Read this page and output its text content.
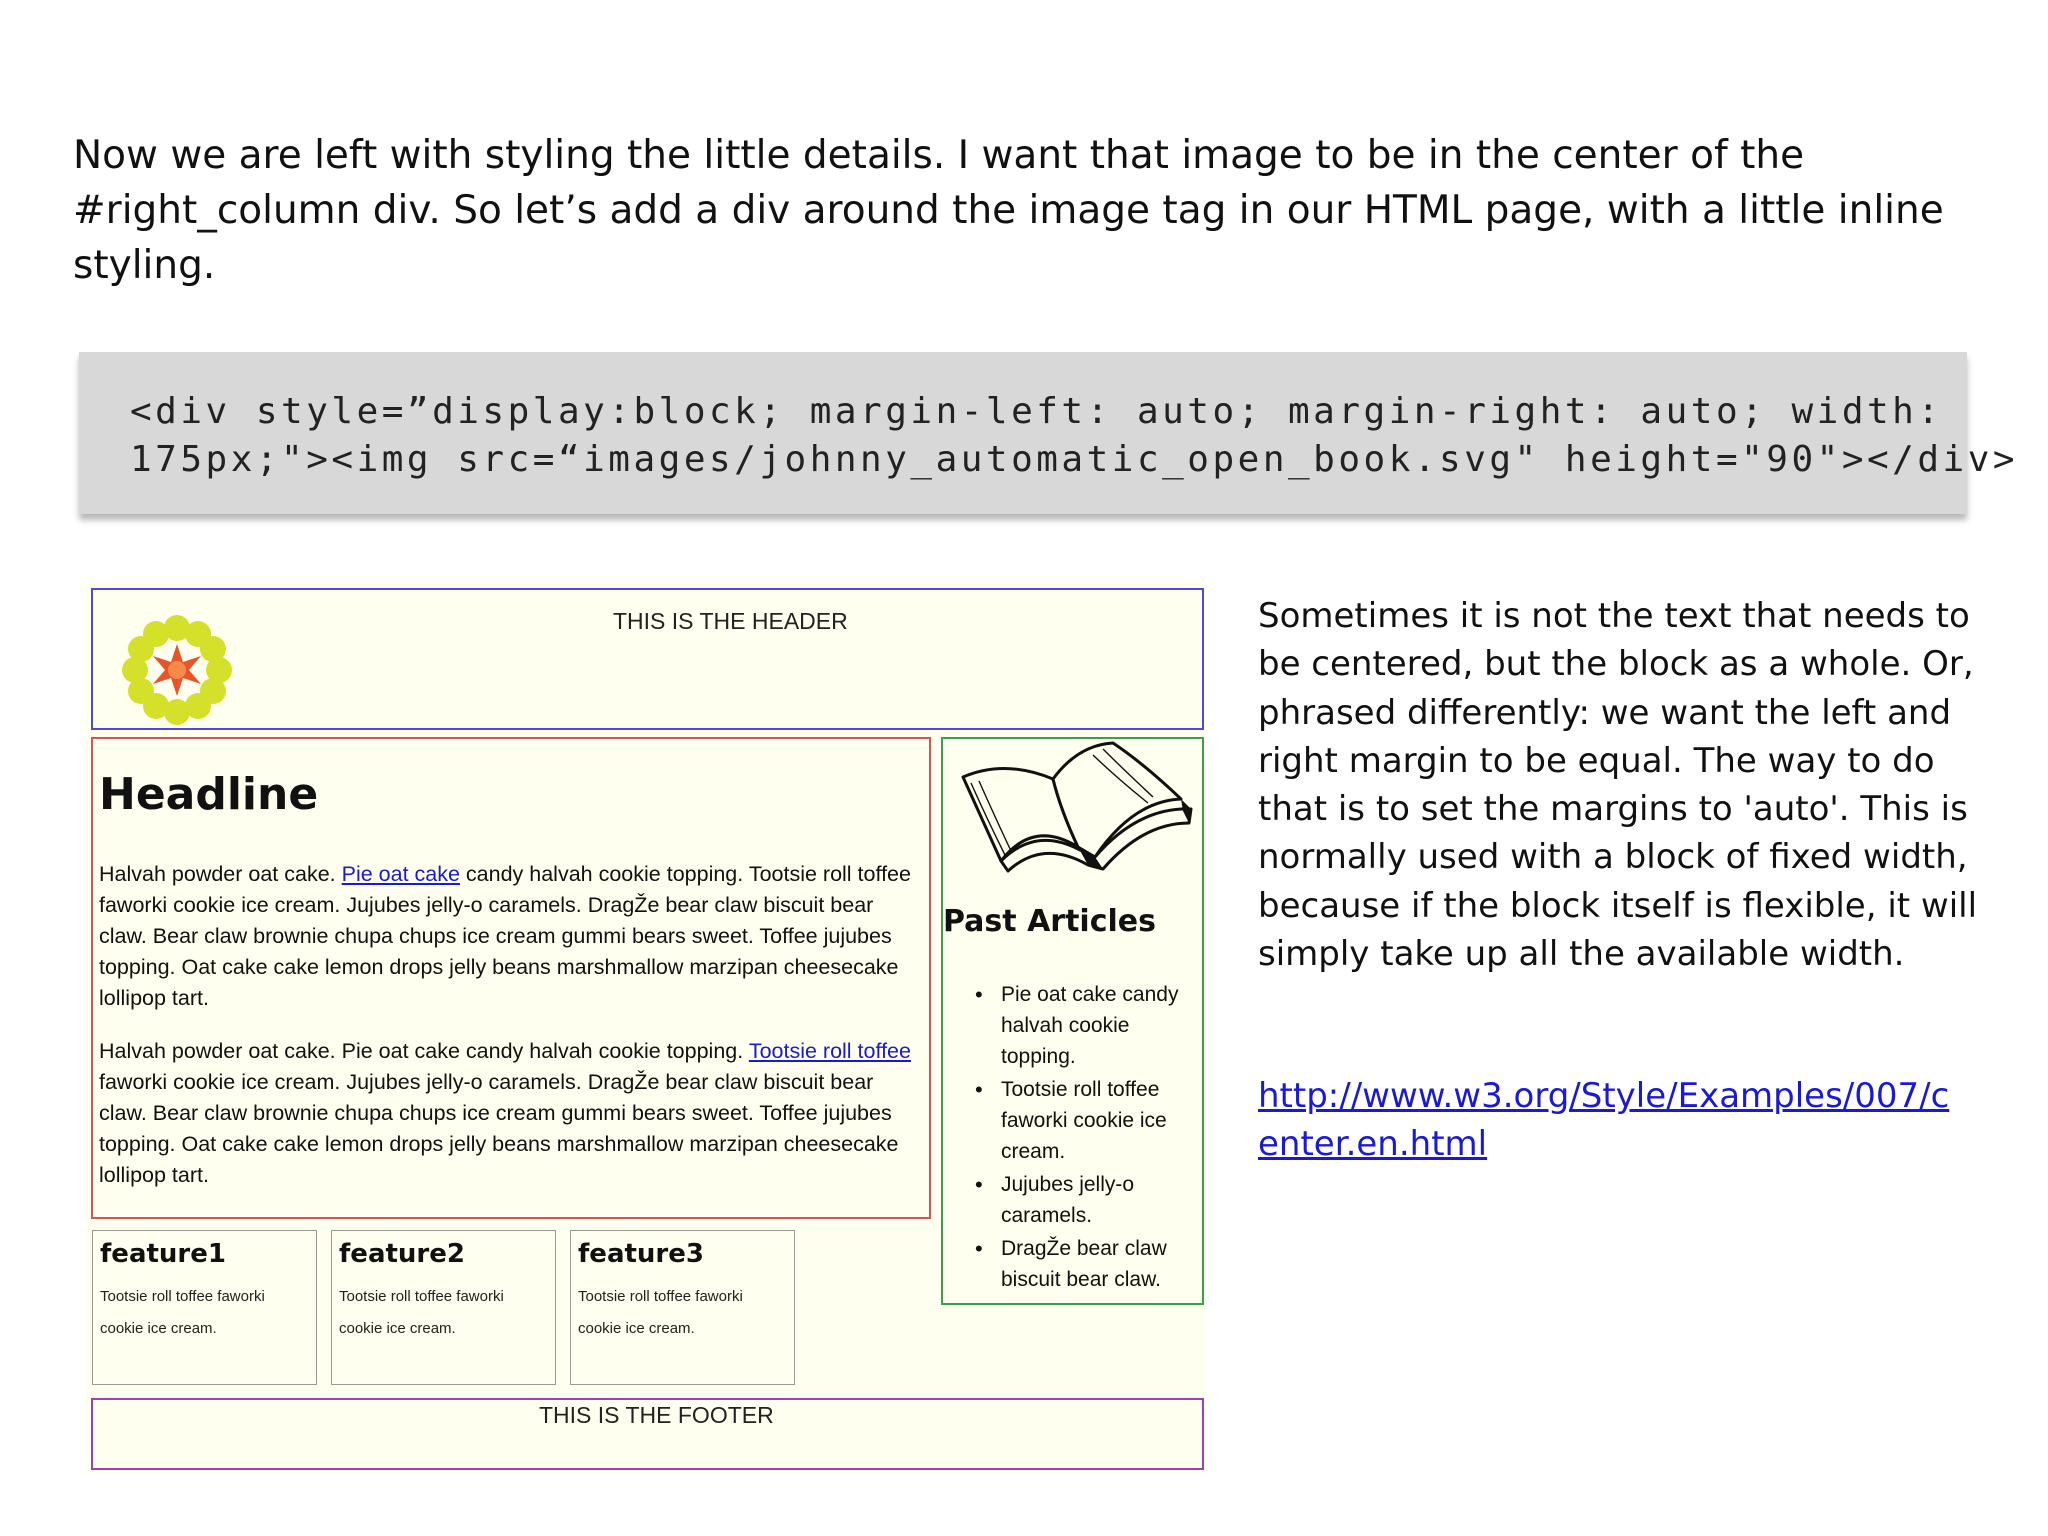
Now we are left with styling the little details. I want that image to be in the center of the #right_column div. So let’s add a div around the image tag in our HTML page, with a little inline styling.
<div style=”display:block; margin-left: auto; margin-right: auto; width:
175px;"><img src=“images/johnny_automatic_open_book.svg" height="90"></div>
THIS IS THE HEADER
Headline
Halvah powder oat cake. Pie oat cake candy halvah cookie topping. Tootsie roll toffee faworki cookie ice cream. Jujubes jelly-o caramels. DragŽe bear claw biscuit bear claw. Bear claw brownie chupa chups ice cream gummi bears sweet. Toffee jujubes topping. Oat cake cake lemon drops jelly beans marshmallow marzipan cheesecake lollipop tart.
Halvah powder oat cake. Pie oat cake candy halvah cookie topping. Tootsie roll toffee faworki cookie ice cream. Jujubes jelly-o caramels. DragŽe bear claw biscuit bear claw. Bear claw brownie chupa chups ice cream gummi bears sweet. Toffee jujubes topping. Oat cake cake lemon drops jelly beans marshmallow marzipan cheesecake lollipop tart.
Past Articles
• Pie oat cake candy halvah cookie topping.
• Tootsie roll toffee faworki cookie ice cream.
• Jujubes jelly-o caramels.
• DragŽe bear claw biscuit bear claw.
feature1
Tootsie roll toffee faworki cookie ice cream.
feature2
Tootsie roll toffee faworki cookie ice cream.
feature3
Tootsie roll toffee faworki cookie ice cream.
THIS IS THE FOOTER
Sometimes it is not the text that needs to be centered, but the block as a whole. Or, phrased differently: we want the left and right margin to be equal. The way to do that is to set the margins to 'auto'. This is normally used with a block of fixed width, because if the block itself is flexible, it will simply take up all the available width.
http://www.w3.org/Style/Examples/007/center.en.html
